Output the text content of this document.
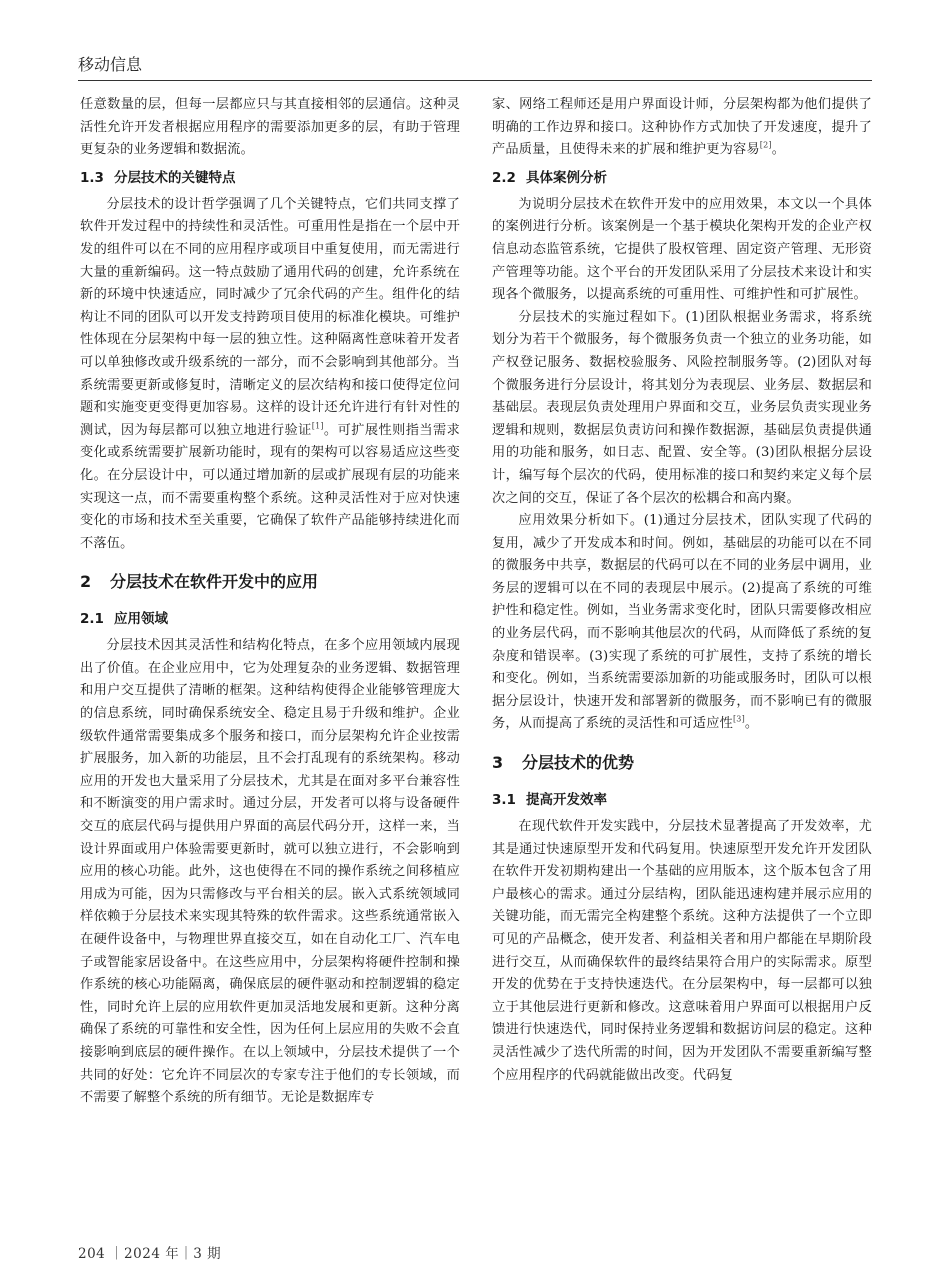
移动信息

任意数量的层，但每一层都应只与其直接相邻的层通信。这种灵活性允许开发者根据应用程序的需要添加更多的层，有助于管理更复杂的业务逻辑和数据流。

1.3 分层技术的关键特点

分层技术的设计哲学强调了几个关键特点，它们共同支撑了软件开发过程中的持续性和灵活性。可重用性是指在一个层中开发的组件可以在不同的应用程序或项目中重复使用，而无需进行大量的重新编码。这一特点鼓励了通用代码的创建，允许系统在新的环境中快速适应，同时减少了冗余代码的产生。组件化的结构让不同的团队可以开发支持跨项目使用的标准化模块。可维护性体现在分层架构中每一层的独立性。这种隔离性意味着开发者可以单独修改或升级系统的一部分，而不会影响到其他部分。当系统需要更新或修复时，清晰定义的层次结构和接口使得定位问题和实施变更变得更加容易。这样的设计还允许进行有针对性的测试，因为每层都可以独立地进行验证[1]。可扩展性则指当需求变化或系统需要扩展新功能时，现有的架构可以容易适应这些变化。在分层设计中，可以通过增加新的层或扩展现有层的功能来实现这一点，而不需要重构整个系统。这种灵活性对于应对快速变化的市场和技术至关重要，它确保了软件产品能够持续进化而不落伍。

2 分层技术在软件开发中的应用
2.1 应用领域

分层技术因其灵活性和结构化特点，在多个应用领域内展现出了价值。在企业应用中，它为处理复杂的业务逻辑、数据管理和用户交互提供了清晰的框架。这种结构使得企业能够管理庞大的信息系统，同时确保系统安全、稳定且易于升级和维护。企业级软件通常需要集成多个服务和接口，而分层架构允许企业按需扩展服务，加入新的功能层，且不会打乱现有的系统架构。移动应用的开发也大量采用了分层技术，尤其是在面对多平台兼容性和不断演变的用户需求时。通过分层，开发者可以将与设备硬件交互的底层代码与提供用户界面的高层代码分开，这样一来，当设计界面或用户体验需要更新时，就可以独立进行，不会影响到应用的核心功能。此外，这也使得在不同的操作系统之间移植应用成为可能，因为只需修改与平台相关的层。嵌入式系统领域同样依赖于分层技术来实现其特殊的软件需求。这些系统通常嵌入在硬件设备中，与物理世界直接交互，如在自动化工厂、汽车电子或智能家居设备中。在这些应用中，分层架构将硬件控制和操作系统的核心功能隔离，确保底层的硬件驱动和控制逻辑的稳定性，同时允许上层的应用软件更加灵活地发展和更新。这种分离确保了系统的可靠性和安全性，因为任何上层应用的失败不会直接影响到底层的硬件操作。在以上领域中，分层技术提供了一个共同的好处：它允许不同层次的专家专注于他们的专长领域，而不需要了解整个系统的所有细节。无论是数据库专

家、网络工程师还是用户界面设计师，分层架构都为他们提供了明确的工作边界和接口。这种协作方式加快了开发速度，提升了产品质量，且使得未来的扩展和维护更为容易[2]。

2.2 具体案例分析

为说明分层技术在软件开发中的应用效果，本文以一个具体的案例进行分析。该案例是一个基于模块化架构开发的企业产权信息动态监管系统，它提供了股权管理、固定资产管理、无形资产管理等功能。这个平台的开发团队采用了分层技术来设计和实现各个微服务，以提高系统的可重用性、可维护性和可扩展性。

分层技术的实施过程如下。(1)团队根据业务需求，将系统划分为若干个微服务，每个微服务负责一个独立的业务功能，如产权登记服务、数据校验服务、风险控制服务等。(2)团队对每个微服务进行分层设计，将其划分为表现层、业务层、数据层和基础层。表现层负责处理用户界面和交互，业务层负责实现业务逻辑和规则，数据层负责访问和操作数据源，基础层负责提供通用的功能和服务，如日志、配置、安全等。(3)团队根据分层设计，编写每个层次的代码，使用标准的接口和契约来定义每个层次之间的交互，保证了各个层次的松耦合和高内聚。

应用效果分析如下。(1)通过分层技术，团队实现了代码的复用，减少了开发成本和时间。例如，基础层的功能可以在不同的微服务中共享，数据层的代码可以在不同的业务层中调用，业务层的逻辑可以在不同的表现层中展示。(2)提高了系统的可维护性和稳定性。例如，当业务需求变化时，团队只需要修改相应的业务层代码，而不影响其他层次的代码，从而降低了系统的复杂度和错误率。(3)实现了系统的可扩展性，支持了系统的增长和变化。例如，当系统需要添加新的功能或服务时，团队可以根据分层设计，快速开发和部署新的微服务，而不影响已有的微服务，从而提高了系统的灵活性和可适应性[3]。

3 分层技术的优势
3.1 提高开发效率

在现代软件开发实践中，分层技术显著提高了开发效率，尤其是通过快速原型开发和代码复用。快速原型开发允许开发团队在软件开发初期构建出一个基础的应用版本，这个版本包含了用户最核心的需求。通过分层结构，团队能迅速构建并展示应用的关键功能，而无需完全构建整个系统。这种方法提供了一个立即可见的产品概念，使开发者、利益相关者和用户都能在早期阶段进行交互，从而确保软件的最终结果符合用户的实际需求。原型开发的优势在于支持快速迭代。在分层架构中，每一层都可以独立于其他层进行更新和修改。这意味着用户界面可以根据用户反馈进行快速迭代，同时保持业务逻辑和数据访问层的稳定。这种灵活性减少了迭代所需的时间，因为开发团队不需要重新编写整个应用程序的代码就能做出改变。代码复

204 ｜2024 年｜3 期
